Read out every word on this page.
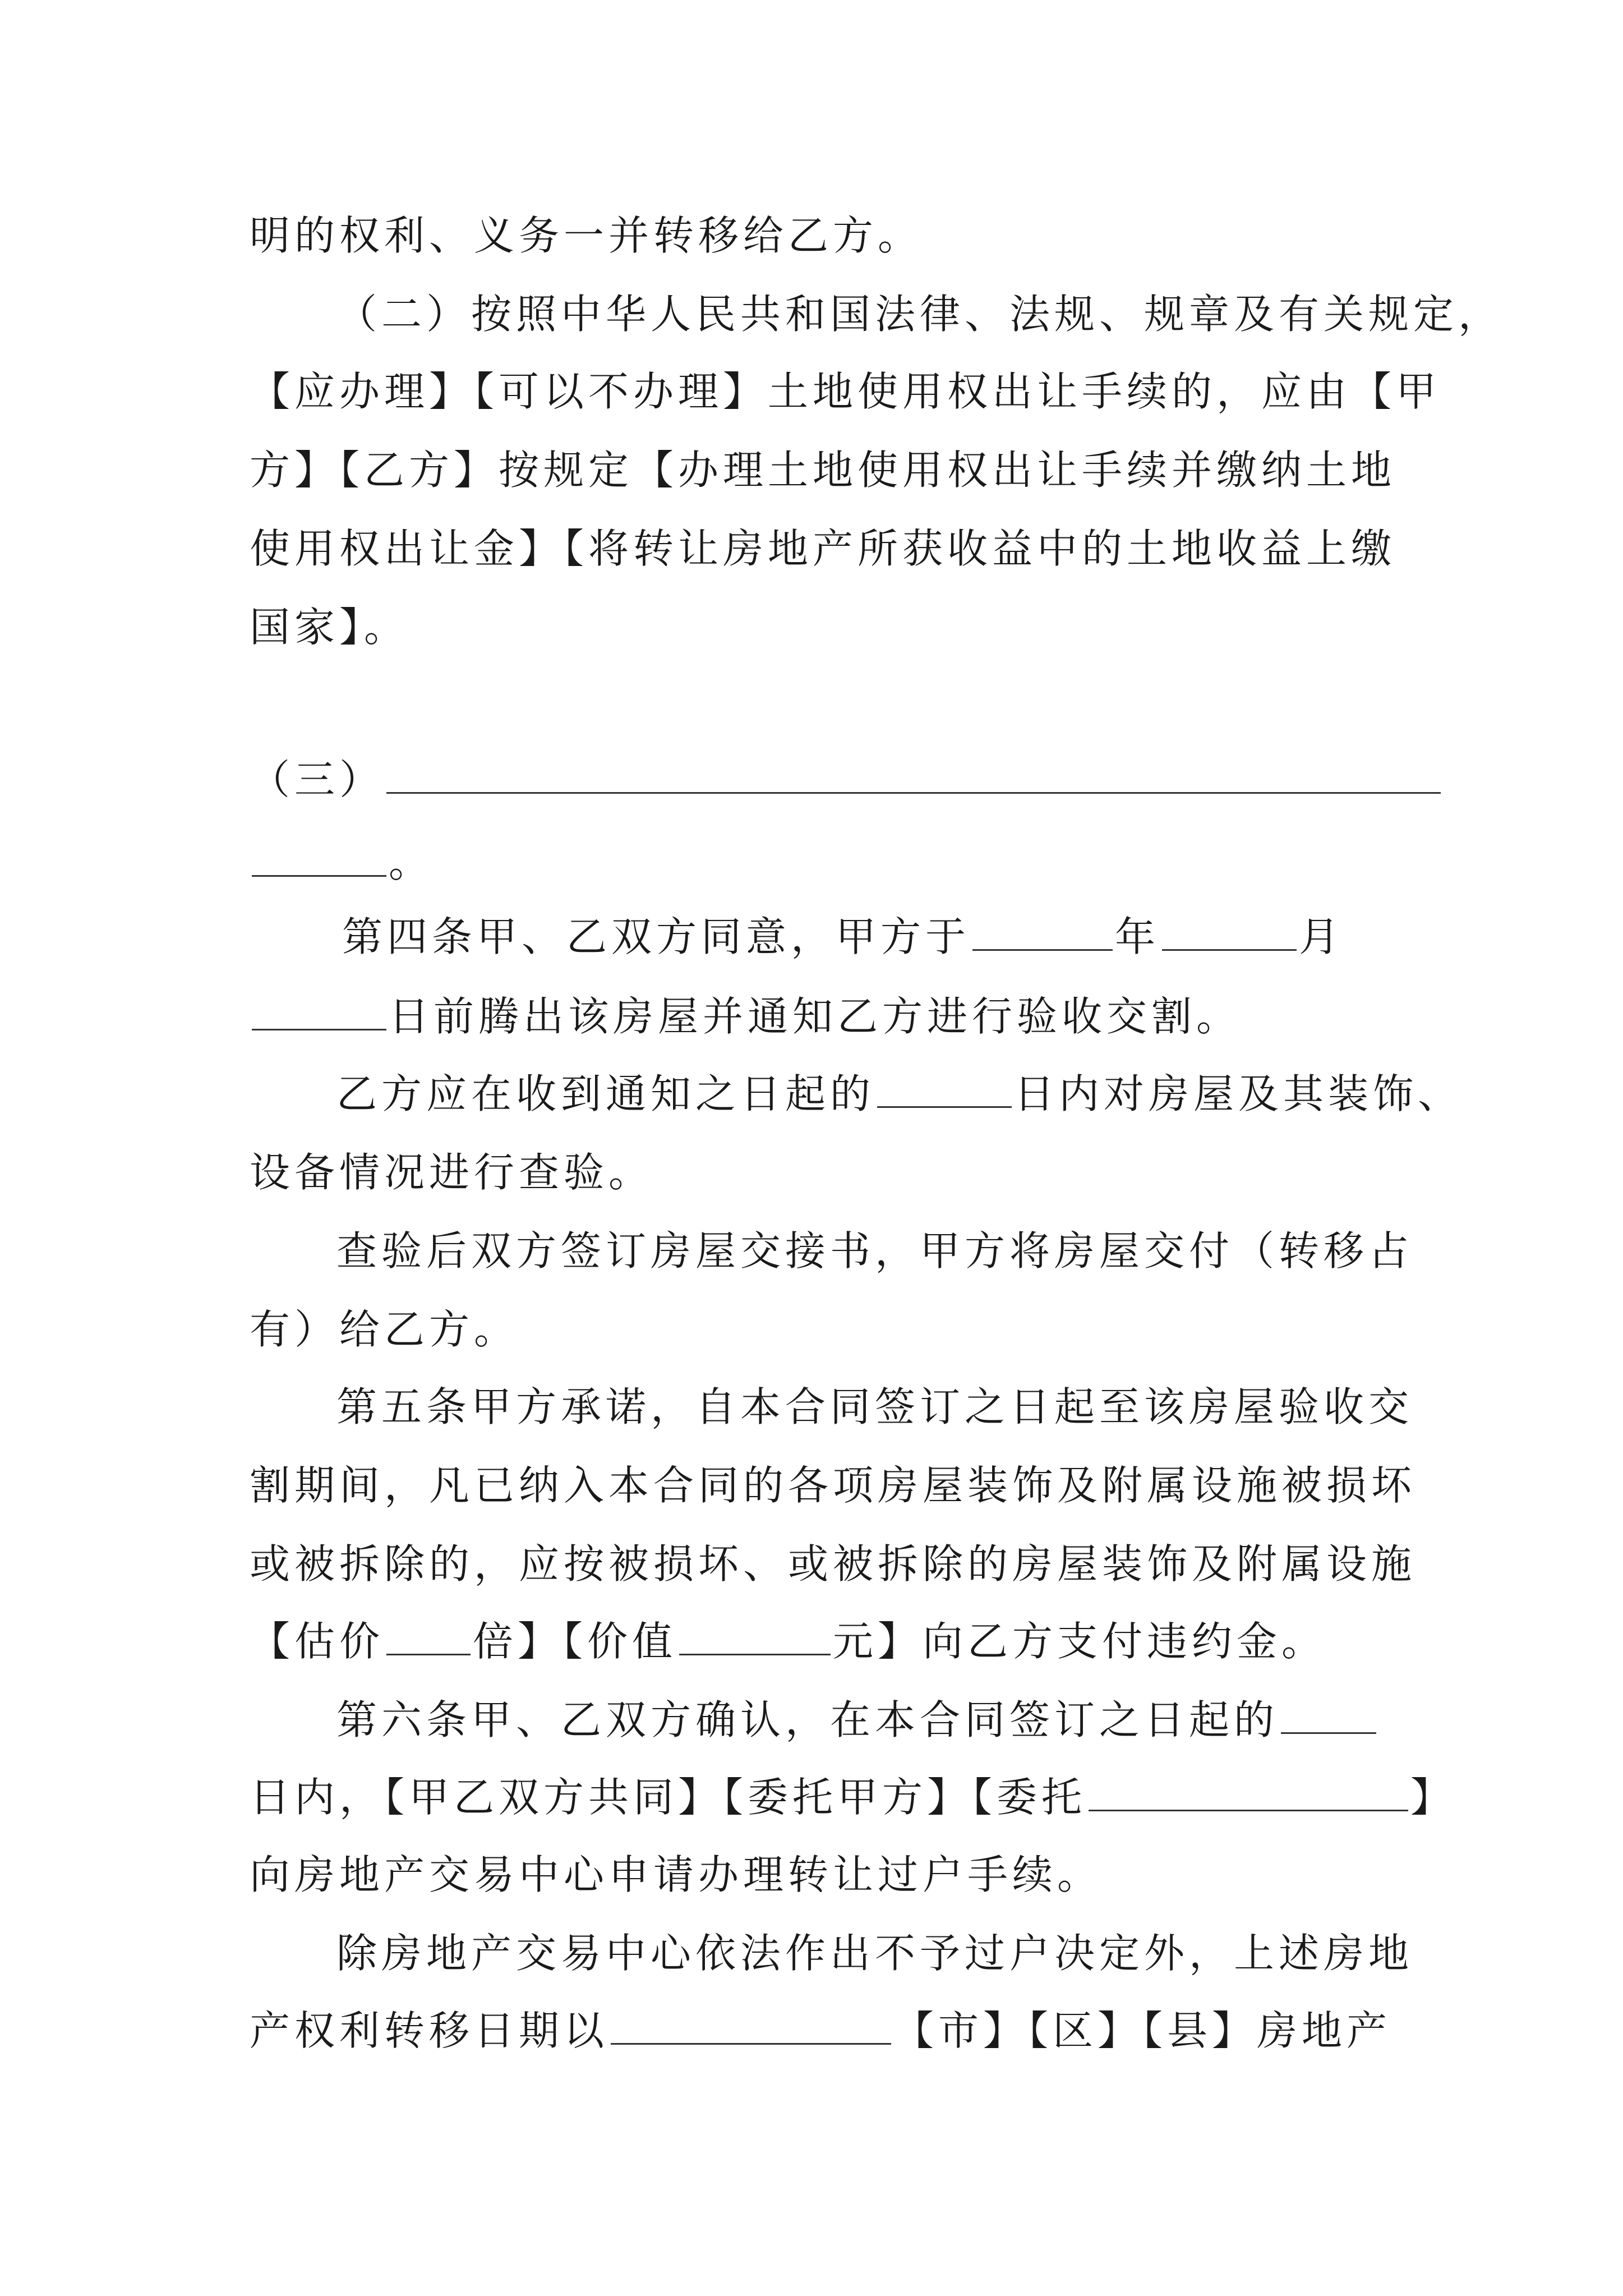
明的权利、义务一并转移给乙方。
（二）按照中华人民共和国法律、法规、规章及有关规定，
【应办理】【可以不办理】土地使用权出让手续的，应由【甲
方】【乙方】按规定【办理土地使用权出让手续并缴纳土地
使用权出让金】【将转让房地产所获收益中的土地收益上缴
国家】。
（三）
。
第四条甲、乙双方同意，甲方于	年	月
日前腾出该房屋并通知乙方进行验收交割。
乙方应在收到通知之日起的	日内对房屋及其装饰、
设备情况进行查验。
查验后双方签订房屋交接书，甲方将房屋交付（转移占
有）给乙方。
第五条甲方承诺，自本合同签订之日起至该房屋验收交
割期间，凡已纳入本合同的各项房屋装饰及附属设施被损坏
或被拆除的，应按被损坏、或被拆除的房屋装饰及附属设施
【估价 倍】【价值	元】向乙方支付违约金。
第六条甲、乙双方确认，在本合同签订之日起的
日内，【甲乙双方共同】【委托甲方】【委托	】
向房地产交易中心申请办理转让过户手续。
除房地产交易中心依法作出不予过户决定外，上述房地
产权利转移日期以	【市】【区】【县】房地产
